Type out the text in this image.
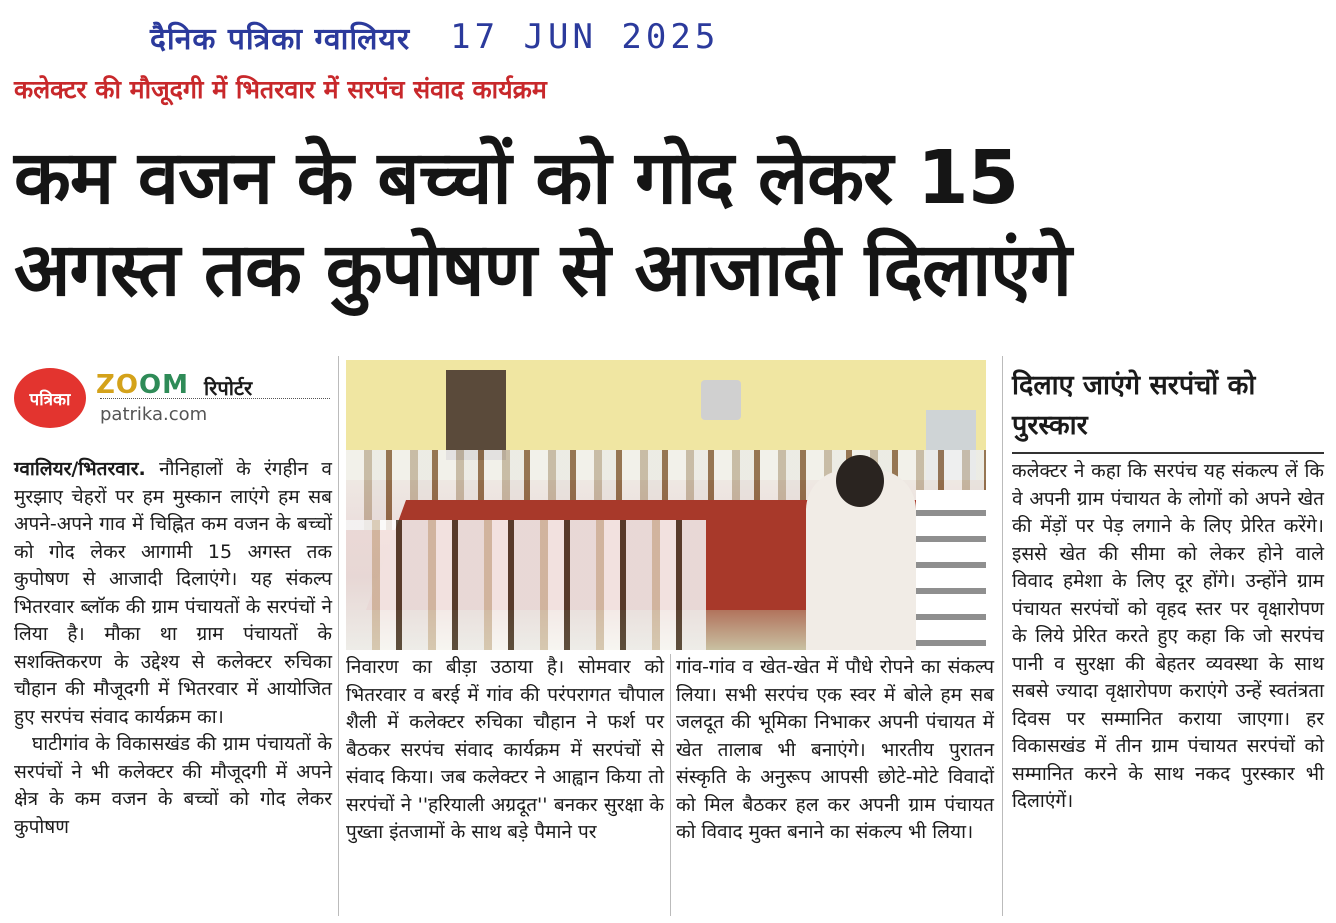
दैनिक पत्रिका ग्वालियर 17 JUN 2025
कलेक्टर की मौजूदगी में भितरवार में सरपंच संवाद कार्यक्रम
कम वजन के बच्चों को गोद लेकर 15
अगस्त तक कुपोषण से आजादी दिलाएंगे
पत्रिका ZOOM रिपोर्टर
patrika.com

ग्वालियर/भितरवार. नौनिहालों के रंगहीन व मुरझाए चेहरों पर हम मुस्कान लाएंगे हम सब अपने-अपने गाव में चिह्नित कम वजन के बच्चों को गोद लेकर आगामी 15 अगस्त तक कुपोषण से आजादी दिलाएंगे। यह संकल्प भितरवार ब्लॉक की ग्राम पंचायतों के सरपंचों ने लिया है। मौका था ग्राम पंचायतों के सशक्तिकरण के उद्देश्य से कलेक्टर रुचिका चौहान की मौजूदगी में भितरवार में आयोजित हुए सरपंच संवाद कार्यक्रम का।

घाटीगांव के विकासखंड की ग्राम पंचायतों के सरपंचों ने भी कलेक्टर की मौजूदगी में अपने क्षेत्र के कम वजन के बच्चों को गोद लेकर कुपोषण

निवारण का बीड़ा उठाया है। सोमवार को भितरवार व बरई में गांव की परंपरागत चौपाल शैली में कलेक्टर रुचिका चौहान ने फर्श पर बैठकर सरपंच संवाद कार्यक्रम में सरपंचों से संवाद किया। जब कलेक्टर ने आह्वान किया तो सरपंचों ने ''हरियाली अग्रदूत'' बनकर सुरक्षा के पुख्ता इंतजामों के साथ बड़े पैमाने पर

गांव-गांव व खेत-खेत में पौधे रोपने का संकल्प लिया। सभी सरपंच एक स्वर में बोले हम सब जलदूत की भूमिका निभाकर अपनी पंचायत में खेत तालाब भी बनाएंगे। भारतीय पुरातन संस्कृति के अनुरूप आपसी छोटे-मोटे विवादों को मिल बैठकर हल कर अपनी ग्राम पंचायत को विवाद मुक्त बनाने का संकल्प भी लिया।

दिलाए जाएंगे सरपंचों को पुरस्कार

कलेक्टर ने कहा कि सरपंच यह संकल्प लें कि वे अपनी ग्राम पंचायत के लोगों को अपने खेत की मेंड़ों पर पेड़ लगाने के लिए प्रेरित करेंगे। इससे खेत की सीमा को लेकर होने वाले विवाद हमेशा के लिए दूर होंगे। उन्होंने ग्राम पंचायत सरपंचों को वृहद स्तर पर वृक्षारोपण के लिये प्रेरित करते हुए कहा कि जो सरपंच पानी व सुरक्षा की बेहतर व्यवस्था के साथ सबसे ज्यादा वृक्षारोपण कराएंगे उन्हें स्वतंत्रता दिवस पर सम्मानित कराया जाएगा। हर विकासखंड में तीन ग्राम पंचायत सरपंचों को सम्मानित करने के साथ नकद पुरस्कार भी दिलाएंगें।
